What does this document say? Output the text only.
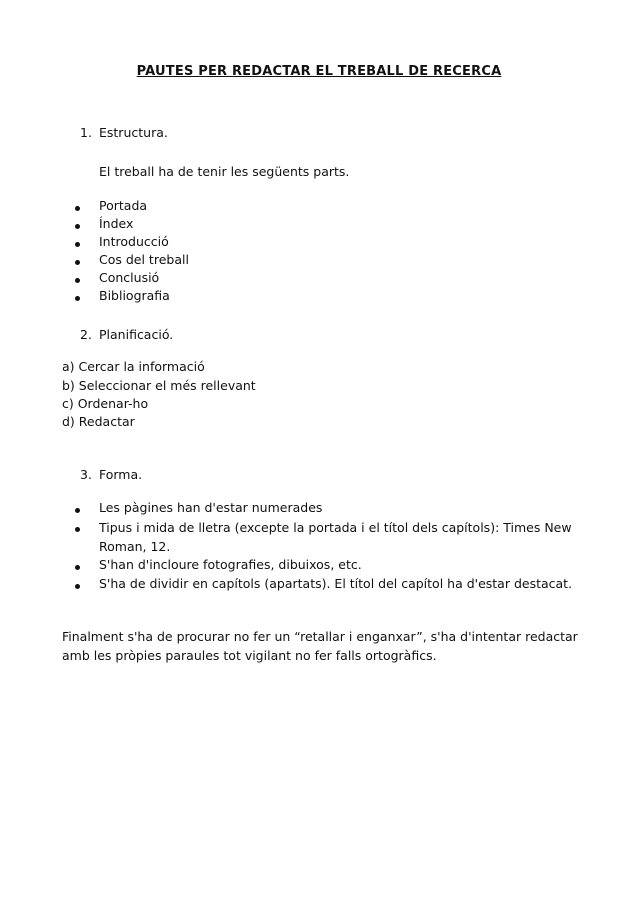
PAUTES PER REDACTAR EL TREBALL DE RECERCA
1. Estructura.
El treball ha de tenir les següents parts.
Portada
Índex
Introducció
Cos del treball
Conclusió
Bibliografia
2. Planificació.
a) Cercar la informació
b) Seleccionar el més rellevant
c) Ordenar-ho
d) Redactar
3. Forma.
Les pàgines han d'estar numerades
Tipus i mida de lletra (excepte la portada i el títol dels capítols): Times New Roman, 12.
S'han d'incloure fotografies, dibuixos, etc.
S'ha de dividir en capítols (apartats). El títol del capítol ha d'estar destacat.
Finalment s'ha de procurar no fer un “retallar i enganxar”, s'ha d'intentar redactar amb les pròpies paraules tot vigilant no fer falls ortogràfics.
